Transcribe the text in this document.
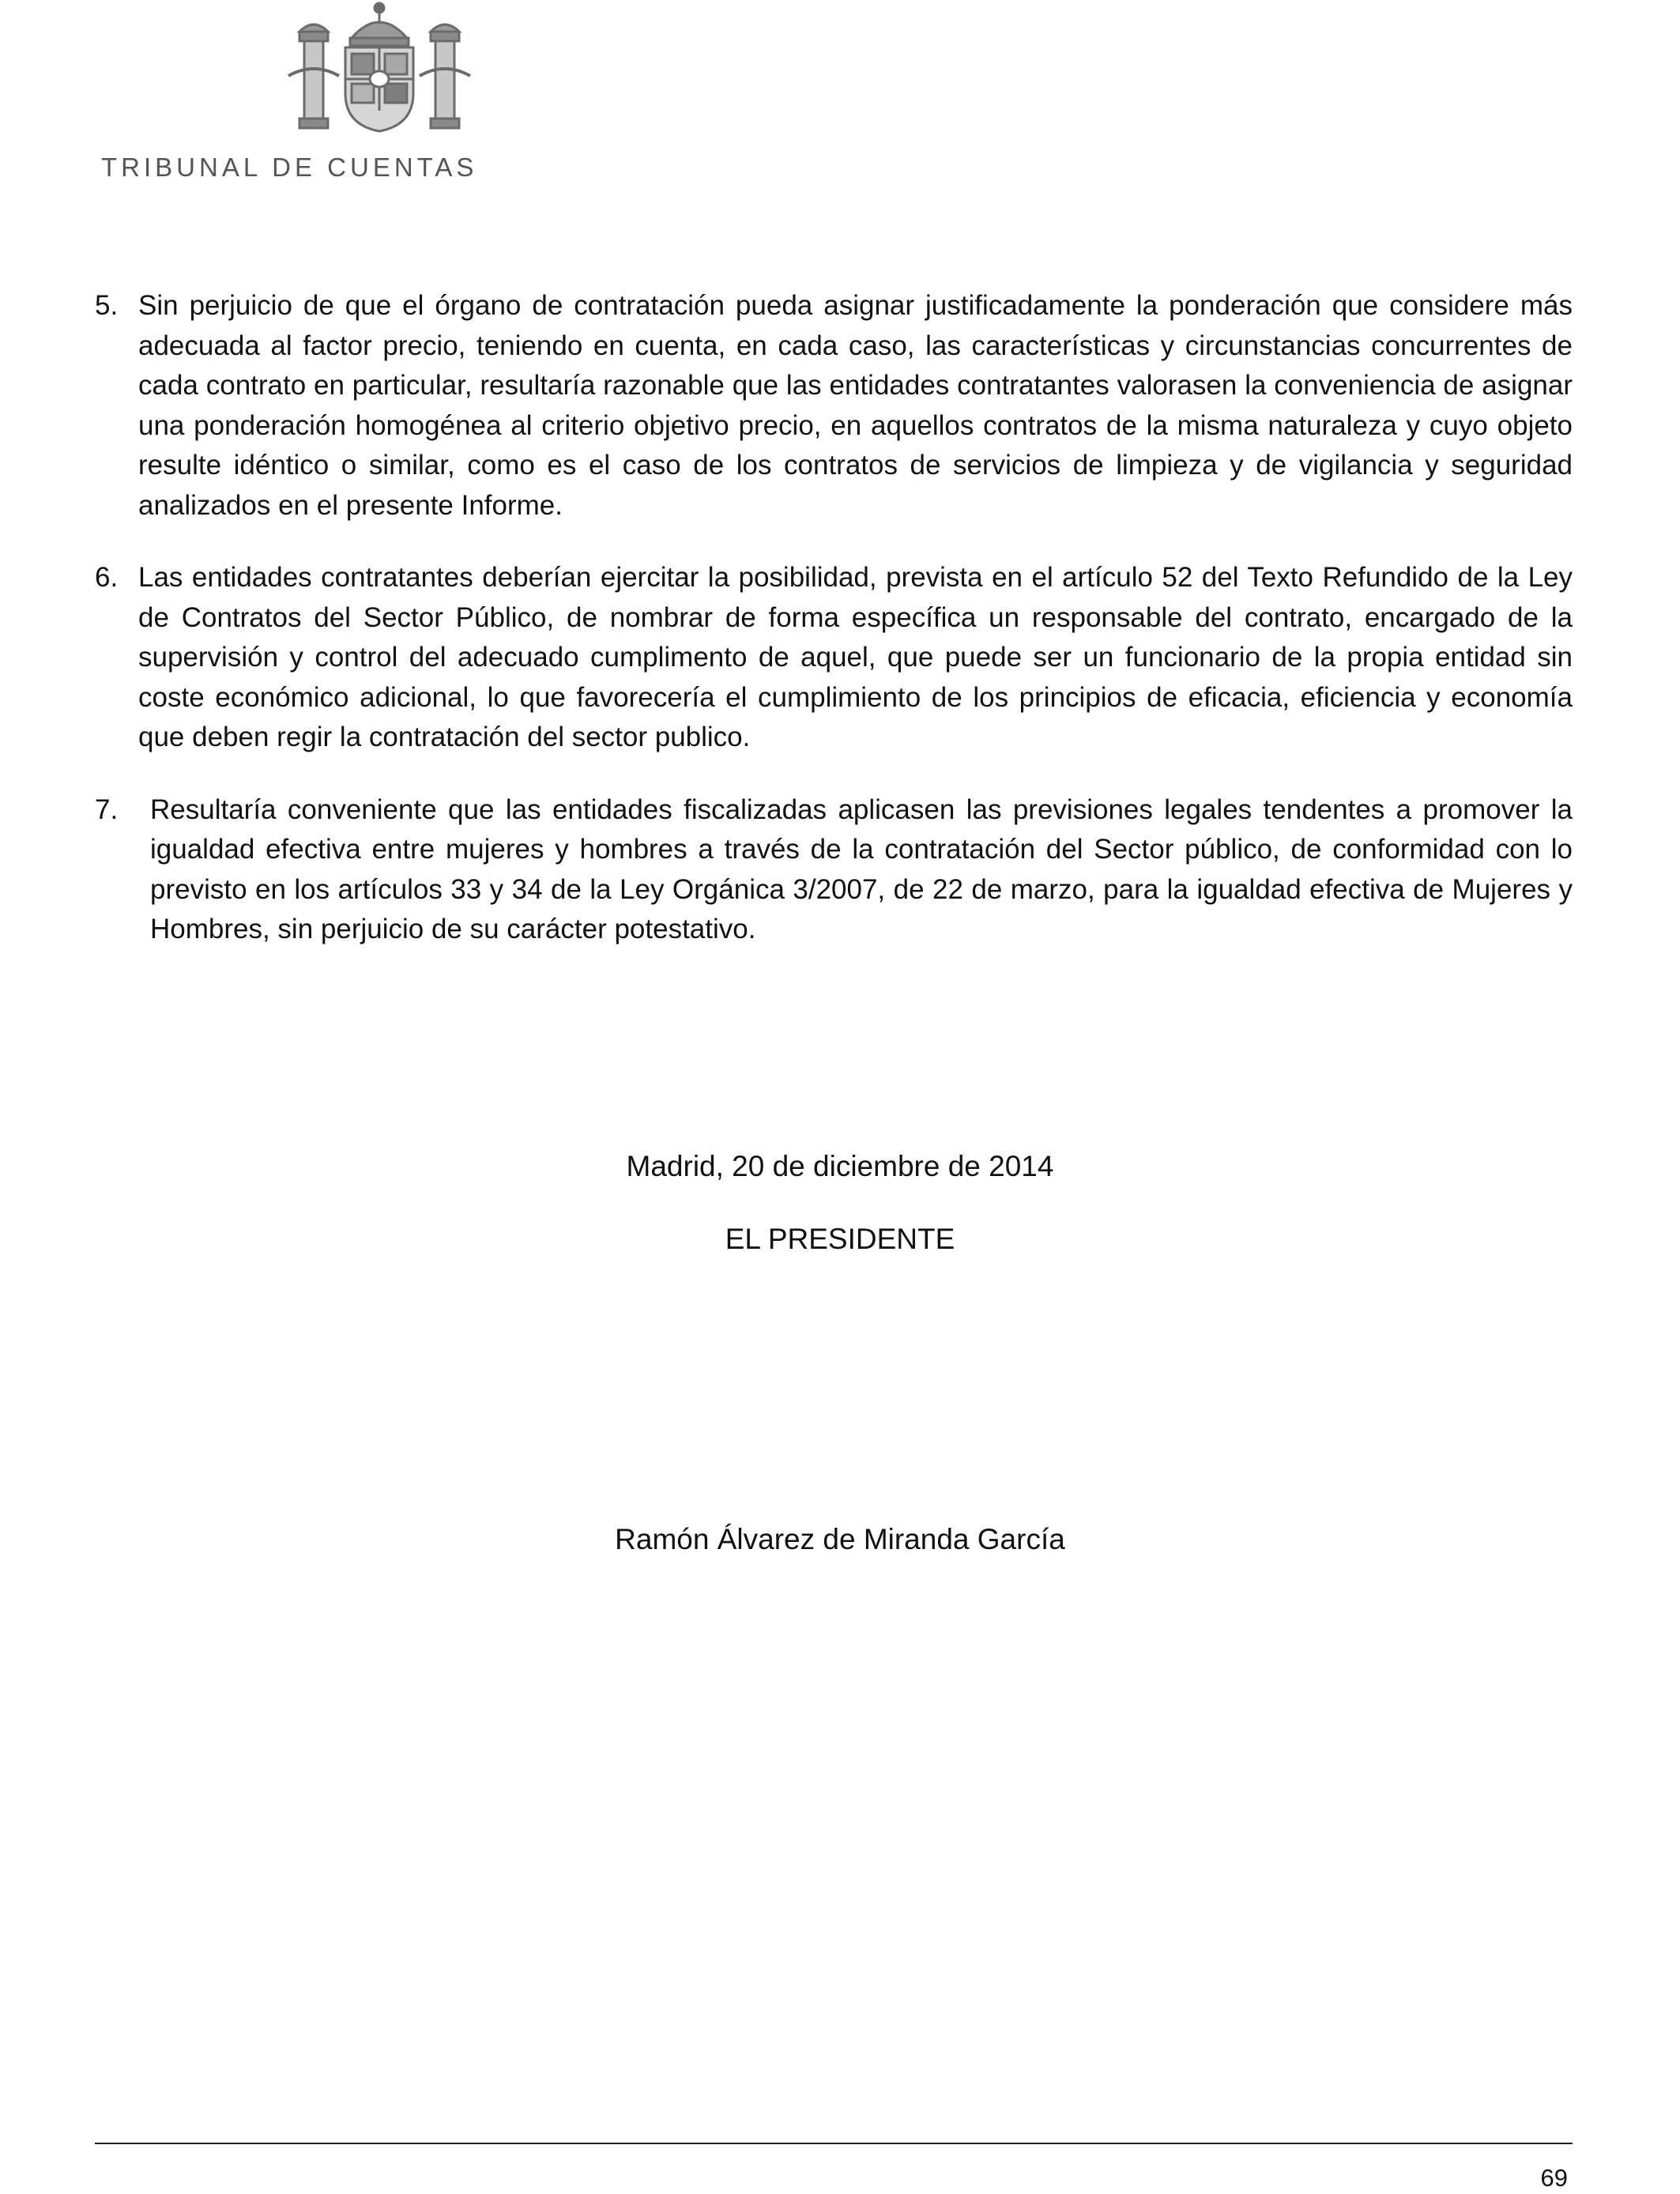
TRIBUNAL DE CUENTAS
5. Sin perjuicio de que el órgano de contratación pueda asignar justificadamente la ponderación que considere más adecuada al factor precio, teniendo en cuenta, en cada caso, las características y circunstancias concurrentes de cada contrato en particular, resultaría razonable que las entidades contratantes valorasen la conveniencia de asignar una ponderación homogénea al criterio objetivo precio, en aquellos contratos de la misma naturaleza y cuyo objeto resulte idéntico o similar, como es el caso de los contratos de servicios de limpieza y de vigilancia y seguridad analizados en el presente Informe.
6. Las entidades contratantes deberían ejercitar la posibilidad, prevista en el artículo 52 del Texto Refundido de la Ley de Contratos del Sector Público, de nombrar de forma específica un responsable del contrato, encargado de la supervisión y control del adecuado cumplimento de aquel, que puede ser un funcionario de la propia entidad sin coste económico adicional, lo que favorecería el cumplimiento de los principios de eficacia, eficiencia y economía que deben regir la contratación del sector publico.
7. Resultaría conveniente que las entidades fiscalizadas aplicasen las previsiones legales tendentes a promover la igualdad efectiva entre mujeres y hombres a través de la contratación del Sector público, de conformidad con lo previsto en los artículos 33 y 34 de la Ley Orgánica 3/2007, de 22 de marzo, para la igualdad efectiva de Mujeres y Hombres, sin perjuicio de su carácter potestativo.
Madrid, 20 de diciembre de 2014
EL PRESIDENTE
Ramón Álvarez de Miranda García
69
